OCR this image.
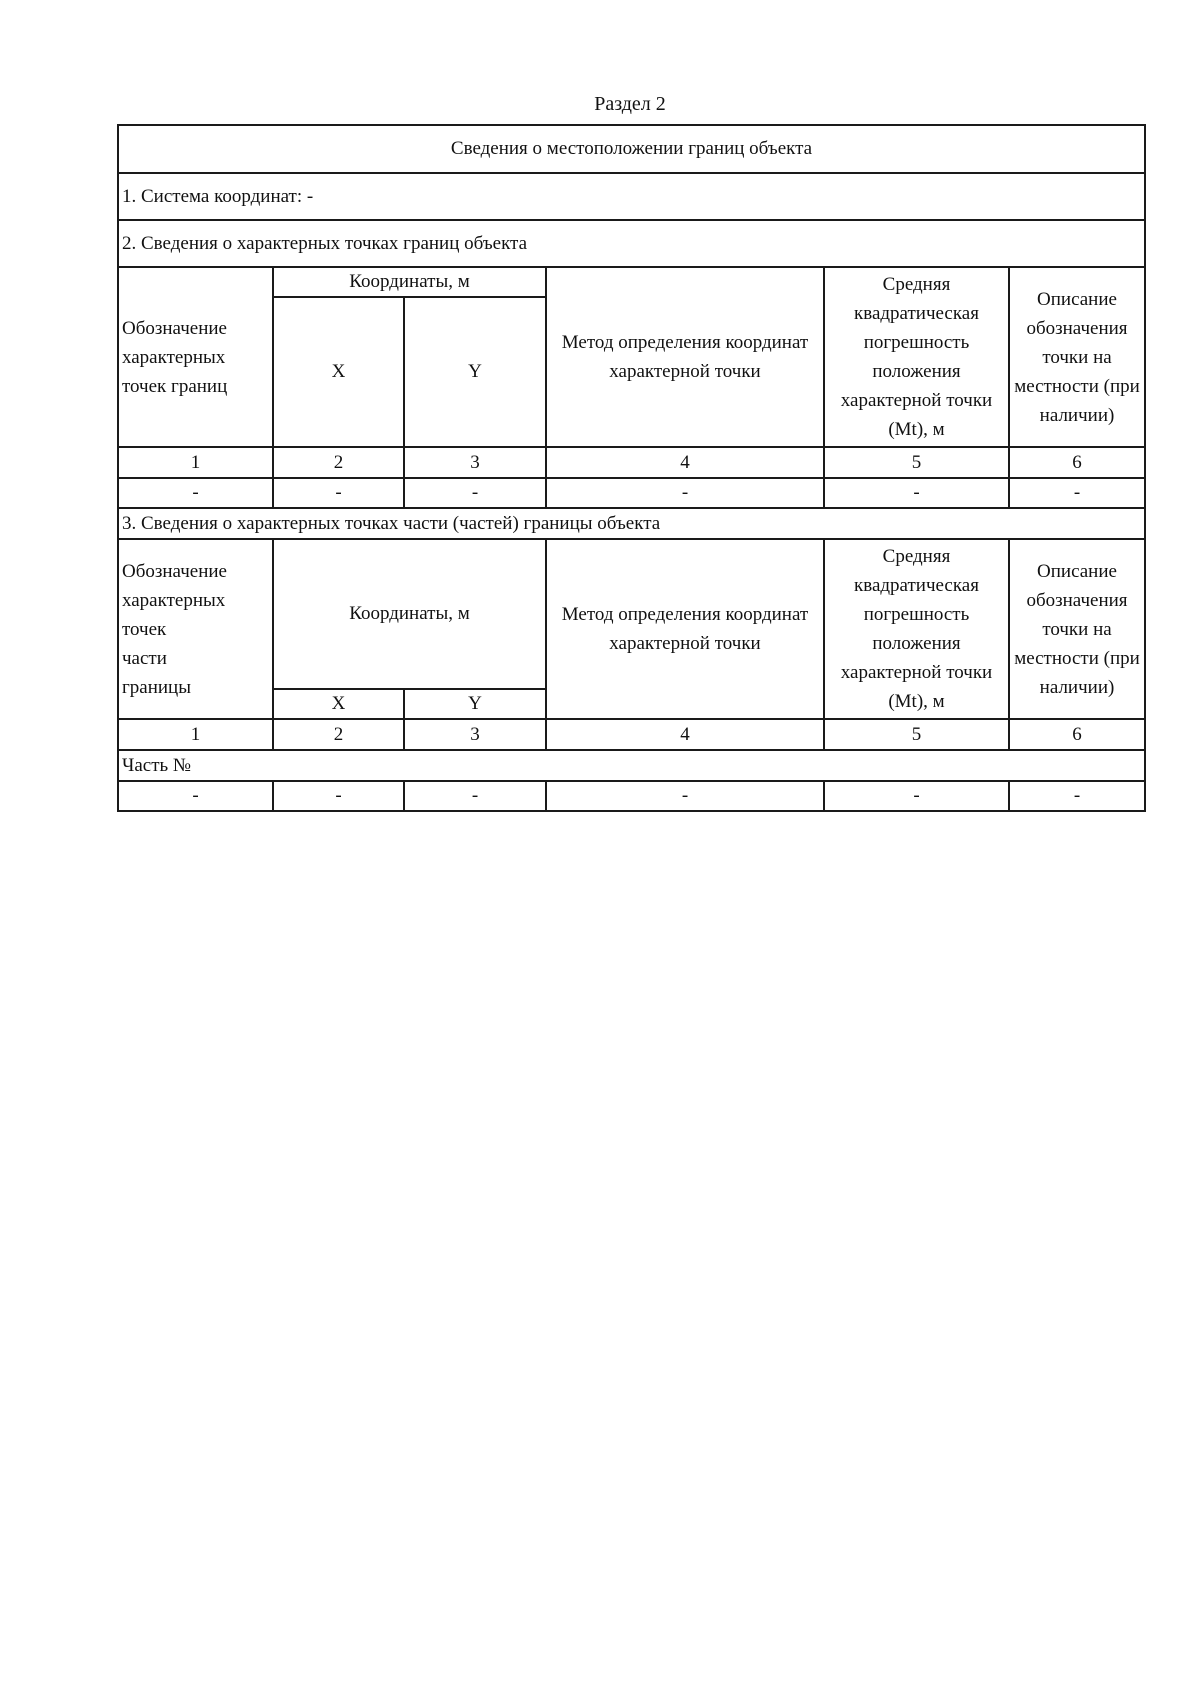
Раздел 2
Сведения о местоположении границ объекта					
1. Система координат: -					
2. Сведения о характерных точках границ объекта					
Обозначение характерных точек границ	Координаты, м		Метод определения координат характерной точки	Средняя квадратическая погрешность положения характерной точки (Mt), м	Описание обозначения точки на местности (при наличии)
	X	Y			
1	2	3	4	5	6
-	-	-	-	-	-
3. Сведения о характерных точках части (частей) границы объекта					
Обозначение характерных
точекчасти
границы	Координаты, м		Метод определения координат характерной точки	Средняя квадратическая погрешность положения характерной точки (Mt), м	Описание обозначения точки на местности (при наличии)
	X	Y			
1	2	3	4	5	6
Часть №					
-	-	-	-	-	-
